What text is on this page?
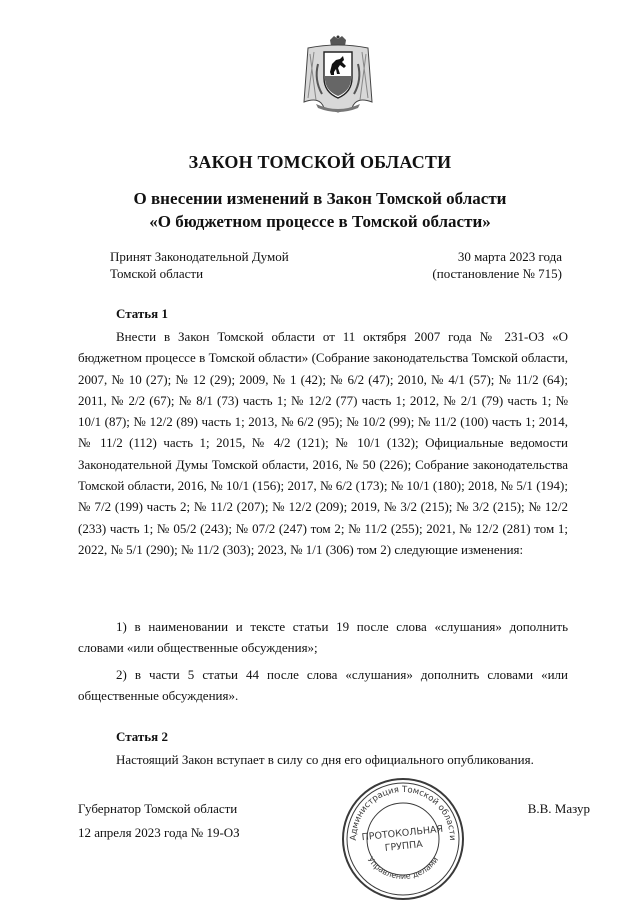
ЗАКОН ТОМСКОЙ ОБЛАСТИ
О внесении изменений в Закон Томской области
«О бюджетном процессе в Томской области»
Принят Законодательной Думой
Томской области
30 марта 2023 года
(постановление № 715)
Статья 1

Внести в Закон Томской области от 11 октября 2007 года № 231-ОЗ «О бюджетном процессе в Томской области» (Собрание законодательства Томской области, 2007, № 10 (27); № 12 (29); 2009, № 1 (42); № 6/2 (47); 2010, № 4/1 (57); № 11/2 (64); 2011, № 2/2 (67); № 8/1 (73) часть 1; № 12/2 (77) часть 1; 2012, № 2/1 (79) часть 1; № 10/1 (87); № 12/2 (89) часть 1; 2013, № 6/2 (95); № 10/2 (99); № 11/2 (100) часть 1; 2014, № 11/2 (112) часть 1; 2015, № 4/2 (121); № 10/1 (132); Официальные ведомости Законодательной Думы Томской области, 2016, № 50 (226); Собрание законодательства Томской области, 2016, № 10/1 (156); 2017, № 6/2 (173); № 10/1 (180); 2018, № 5/1 (194); № 7/2 (199) часть 2; № 11/2 (207); № 12/2 (209); 2019, № 3/2 (215); № 3/2 (215); № 12/2 (233) часть 1; № 05/2 (243); № 07/2 (247) том 2; № 11/2 (255); 2021, № 12/2 (281) том 1; 2022, № 5/1 (290); № 11/2 (303); 2023, № 1/1 (306) том 2) следующие изменения:

1) в наименовании и тексте статьи 19 после слова «слушания» дополнить словами «или общественные обсуждения»;

2) в части 5 статьи 44 после слова «слушания» дополнить словами «или общественные обсуждения».

Статья 2

Настоящий Закон вступает в силу со дня его официального опубликования.

Губернатор Томской области	В.В. Мазур
12 апреля 2023 года № 19-ОЗ	Администрация Томской области
Управление делами
ПРОТОКОЛЬНАЯ
ГРУППА
